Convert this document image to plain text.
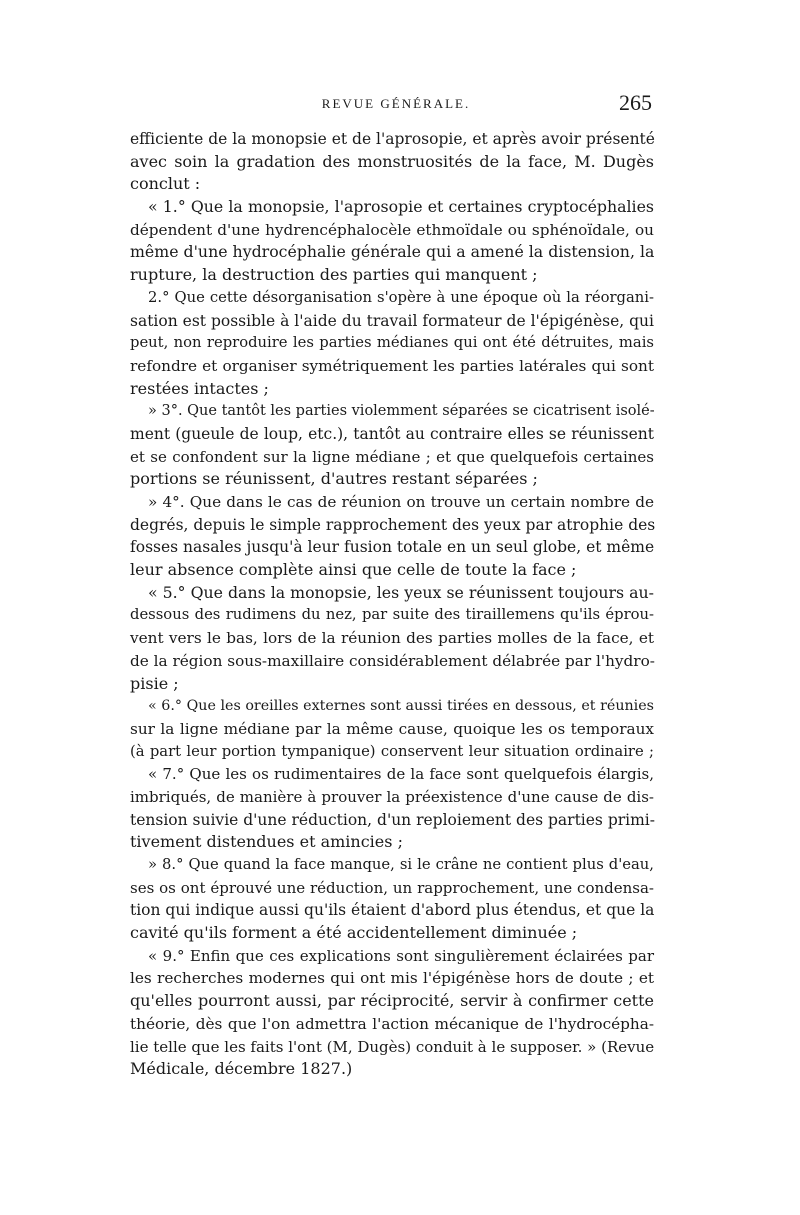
REVUE GÉNÉRALE.	265
efficiente de la monopsie et de l'aprosopie, et après avoir présenté
avec soin la gradation des monstruosités de la face, M. Dugès
conclut :
« 1.° Que la monopsie, l'aprosopie et certaines cryptocéphalies
dépendent d'une hydrencéphalocèle ethmoïdale ou sphénoïdale, ou
même d'une hydrocéphalie générale qui a amené la distension, la
rupture, la destruction des parties qui manquent ;
2.° Que cette désorganisation s'opère à une époque où la réorgani-
sation est possible à l'aide du travail formateur de l'épigénèse, qui
peut, non reproduire les parties médianes qui ont été détruites, mais
refondre et organiser symétriquement les parties latérales qui sont
restées intactes ;
» 3°. Que tantôt les parties violemment séparées se cicatrisent isolé-
ment (gueule de loup, etc.), tantôt au contraire elles se réunissent
et se confondent sur la ligne médiane ; et que quelquefois certaines
portions se réunissent, d'autres restant séparées ;
» 4°. Que dans le cas de réunion on trouve un certain nombre de
degrés, depuis le simple rapprochement des yeux par atrophie des
fosses nasales jusqu'à leur fusion totale en un seul globe, et même
leur absence complète ainsi que celle de toute la face ;
« 5.° Que dans la monopsie, les yeux se réunissent toujours au-
dessous des rudimens du nez, par suite des tiraillemens qu'ils éprou-
vent vers le bas, lors de la réunion des parties molles de la face, et
de la région sous-maxillaire considérablement délabrée par l'hydro-
pisie ;
« 6.° Que les oreilles externes sont aussi tirées en dessous, et réunies
sur la ligne médiane par la même cause, quoique les os temporaux
(à part leur portion tympanique) conservent leur situation ordinaire ;
« 7.° Que les os rudimentaires de la face sont quelquefois élargis,
imbriqués, de manière à prouver la préexistence d'une cause de dis-
tension suivie d'une réduction, d'un reploiement des parties primi-
tivement distendues et amincies ;
» 8.° Que quand la face manque, si le crâne ne contient plus d'eau,
ses os ont éprouvé une réduction, un rapprochement, une condensa-
tion qui indique aussi qu'ils étaient d'abord plus étendus, et que la
cavité qu'ils forment a été accidentellement diminuée ;
« 9.° Enfin que ces explications sont singulièrement éclairées par
les recherches modernes qui ont mis l'épigénèse hors de doute ; et
qu'elles pourront aussi, par réciprocité, servir à confirmer cette
théorie, dès que l'on admettra l'action mécanique de l'hydrocépha-
lie telle que les faits l'ont (M, Dugès) conduit à le supposer. » (Revue
Médicale, décembre 1827.)
